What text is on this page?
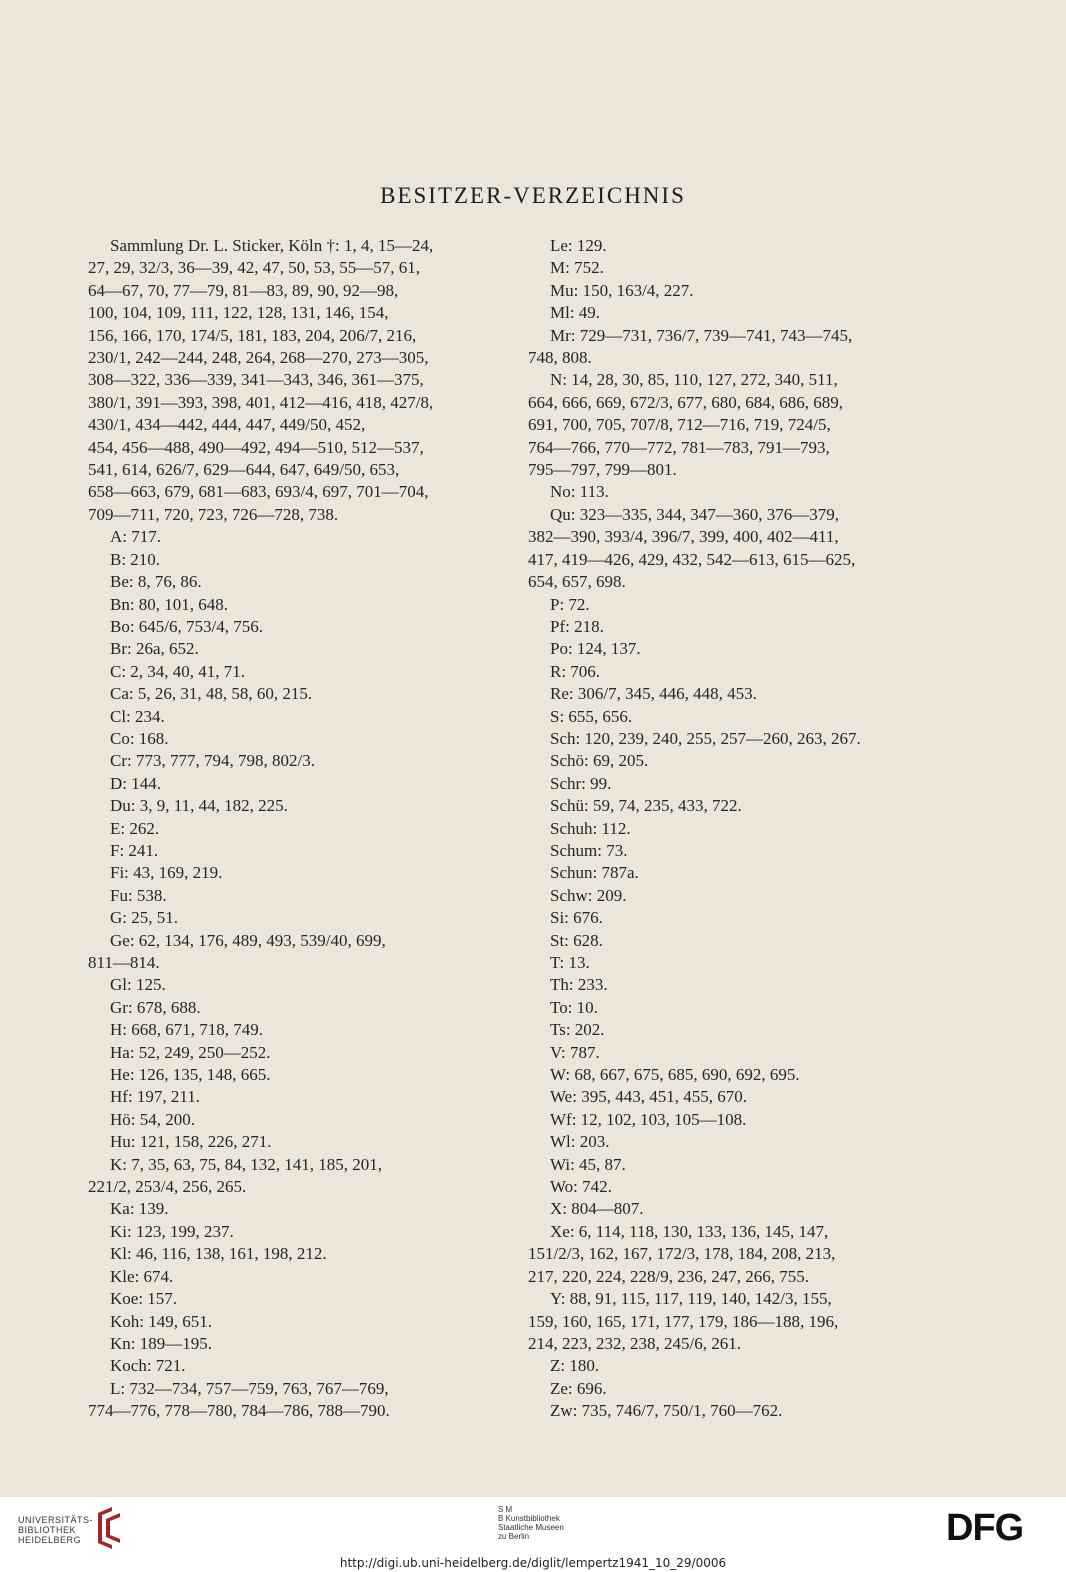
BESITZER-VERZEICHNIS

Sammlung Dr. L. Sticker, Köln †: 1, 4, 15—24,

27, 29, 32/3, 36—39, 42, 47, 50, 53, 55—57, 61,

64—67, 70, 77—79, 81—83, 89, 90, 92—98,

100, 104, 109, 111, 122, 128, 131, 146, 154,

156, 166, 170, 174/5, 181, 183, 204, 206/7, 216,

230/1, 242—244, 248, 264, 268—270, 273—305,

308—322, 336—339, 341—343, 346, 361—375,

380/1, 391—393, 398, 401, 412—416, 418, 427/8,

430/1, 434—442, 444, 447, 449/50, 452,

454, 456—488, 490—492, 494—510, 512—537,

541, 614, 626/7, 629—644, 647, 649/50, 653,

658—663, 679, 681—683, 693/4, 697, 701—704,

709—711, 720, 723, 726—728, 738.

A: 717.

B: 210.

Be: 8, 76, 86.

Bn: 80, 101, 648.

Bo: 645/6, 753/4, 756.

Br: 26a, 652.

C: 2, 34, 40, 41, 71.

Ca: 5, 26, 31, 48, 58, 60, 215.

Cl: 234.

Co: 168.

Cr: 773, 777, 794, 798, 802/3.

D: 144.

Du: 3, 9, 11, 44, 182, 225.

E: 262.

F: 241.

Fi: 43, 169, 219.

Fu: 538.

G: 25, 51.

Ge: 62, 134, 176, 489, 493, 539/40, 699,

811—814.

Gl: 125.

Gr: 678, 688.

H: 668, 671, 718, 749.

Ha: 52, 249, 250—252.

He: 126, 135, 148, 665.

Hf: 197, 211.

Hö: 54, 200.

Hu: 121, 158, 226, 271.

K: 7, 35, 63, 75, 84, 132, 141, 185, 201,

221/2, 253/4, 256, 265.

Ka: 139.

Ki: 123, 199, 237.

Kl: 46, 116, 138, 161, 198, 212.

Kle: 674.

Koe: 157.

Koh: 149, 651.

Kn: 189—195.

Koch: 721.

L: 732—734, 757—759, 763, 767—769,

774—776, 778—780, 784—786, 788—790.

Le: 129.

M: 752.

Mu: 150, 163/4, 227.

Ml: 49.

Mr: 729—731, 736/7, 739—741, 743—745,

748, 808.

N: 14, 28, 30, 85, 110, 127, 272, 340, 511,

664, 666, 669, 672/3, 677, 680, 684, 686, 689,

691, 700, 705, 707/8, 712—716, 719, 724/5,

764—766, 770—772, 781—783, 791—793,

795—797, 799—801.

No: 113.

Qu: 323—335, 344, 347—360, 376—379,

382—390, 393/4, 396/7, 399, 400, 402—411,

417, 419—426, 429, 432, 542—613, 615—625,

654, 657, 698.

P: 72.

Pf: 218.

Po: 124, 137.

R: 706.

Re: 306/7, 345, 446, 448, 453.

S: 655, 656.

Sch: 120, 239, 240, 255, 257—260, 263, 267.

Schö: 69, 205.

Schr: 99.

Schü: 59, 74, 235, 433, 722.

Schuh: 112.

Schum: 73.

Schun: 787a.

Schw: 209.

Si: 676.

St: 628.

T: 13.

Th: 233.

To: 10.

Ts: 202.

V: 787.

W: 68, 667, 675, 685, 690, 692, 695.

We: 395, 443, 451, 455, 670.

Wf: 12, 102, 103, 105—108.

Wl: 203.

Wi: 45, 87.

Wo: 742.

X: 804—807.

Xe: 6, 114, 118, 130, 133, 136, 145, 147,

151/2/3, 162, 167, 172/3, 178, 184, 208, 213,

217, 220, 224, 228/9, 236, 247, 266, 755.

Y: 88, 91, 115, 117, 119, 140, 142/3, 155,

159, 160, 165, 171, 177, 179, 186—188, 196,

214, 223, 232, 238, 245/6, 261.

Z: 180.

Ze: 696.

Zw: 735, 746/7, 750/1, 760—762.

UNIVERSITÄTS-
BIBLIOTHEK
HEIDELBERG
S M
B Kunstbibliothek
Staatliche Museen
zu Berlin	DFG
http://digi.ub.uni-heidelberg.de/diglit/lempertz1941_10_29/0006
